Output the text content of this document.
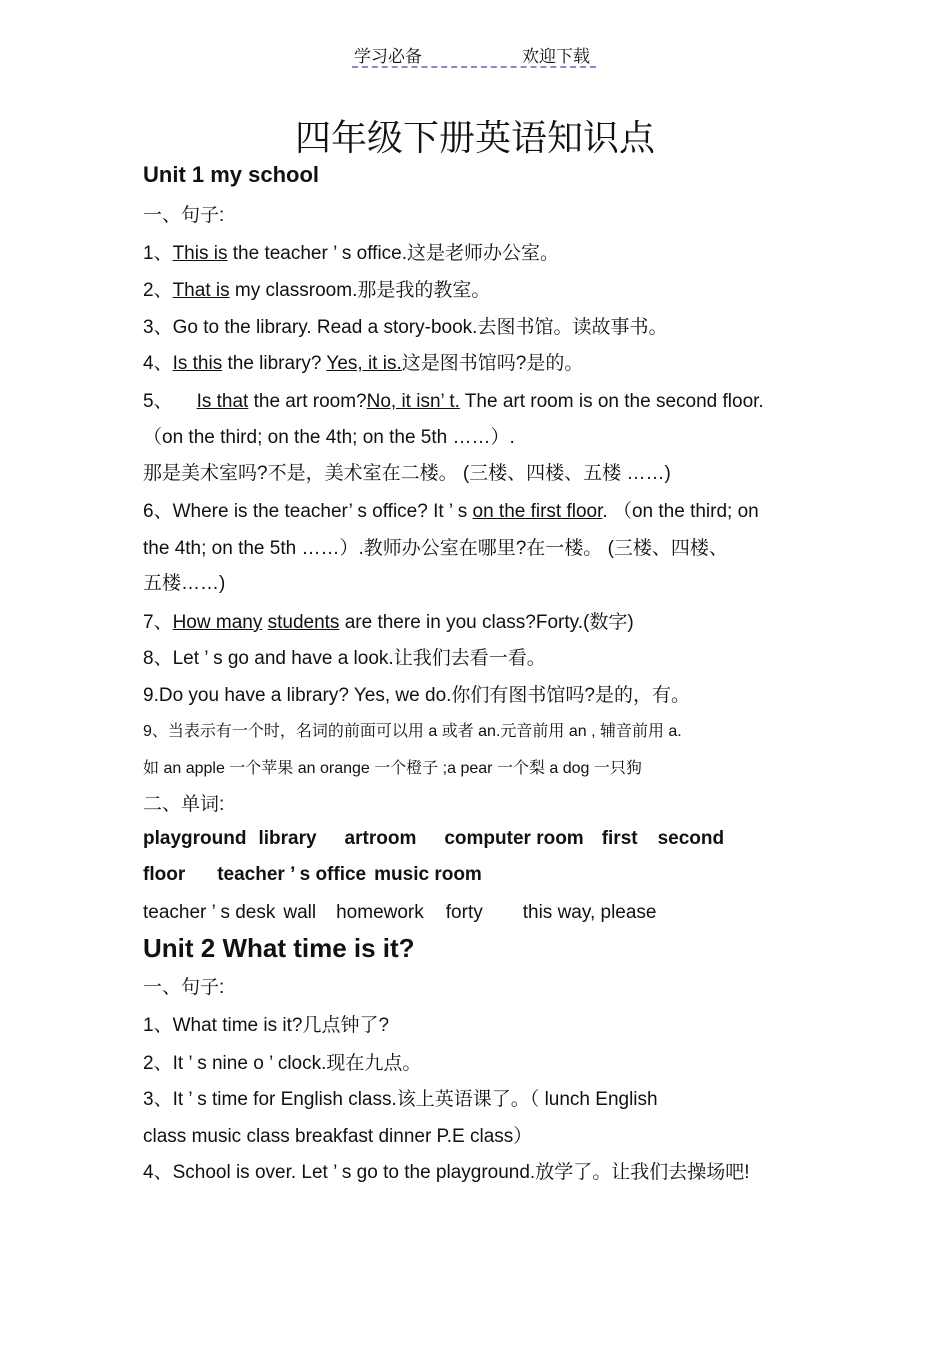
学习必备	欢迎下载
四年级下册英语知识点
Unit 1 my school
一、句子:
1、This is the teacher ’ s office.这是老师办公室。
2、That is my classroom.那是我的教室。
3、Go to the library. Read a story-book.去图书馆。读故事书。
4、Is this the library? Yes, it is.这是图书馆吗?是的。
5、 Is that the art room?No, it isn’ t. The art room is on the second floor.
（on the third; on the 4th; on the 5th ……）.
那是美术室吗?不是，美术室在二楼。 (三楼、四楼、五楼 ……)
6、Where is the teacher’ s office? It ’ s on the first floor. （on the third; on
the 4th; on the 5th ……）.教师办公室在哪里?在一楼。 (三楼、四楼、
五楼……)
7、How many students are there in you class?Forty.(数字)
8、Let ’ s go and have a look.让我们去看一看。
9.Do you have a library? Yes, we do.你们有图书馆吗?是的，有。
9、当表示有一个时，名词的前面可以用 a 或者 an.元音前用 an , 辅音前用 a.
如 an apple 一个苹果 an orange 一个橙子 ;a pear 一个梨 a dog 一只狗
二、单词:
playground library artroom computer room first second
floor teacher ’ s office music room
teacher ’ s desk wall homework forty this way, please
Unit 2 What time is it?
一、句子:
1、What time is it?几点钟了?
2、It ’ s nine o ’ clock.现在九点。
3、It ’ s time for English class.该上英语课了。（ lunch English
class music class breakfast dinner P.E class）
4、School is over. Let ’ s go to the playground.放学了。让我们去操场吧!
